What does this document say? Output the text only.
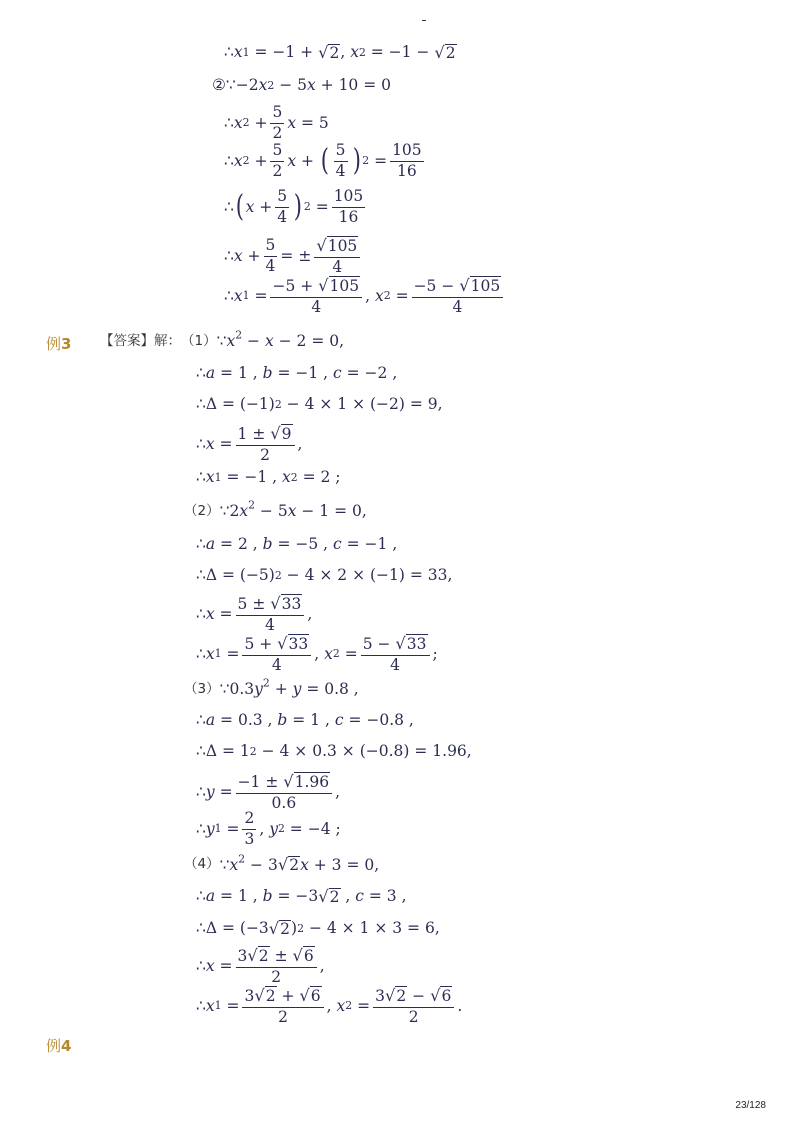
∴ x 1 = −1 + √ 2 , x 2 = −1 − √ 2
② ∵−2 x 2 − 5 x + 10 = 0
∴ x $2 + \frac{5}{2}$ x = 5
∴ x $2 + \frac{5}{2}$ x + ( $\frac{5}{4}$ ) $2 = \frac{105}{16}$
∴ ( $x + \frac{5}{4}$ ) $2 = \frac{105}{16}$
∴ $x + \frac{5}{4}$ = ± $\frac{√ 105}{4}$
∴ x $1 = \frac{-5 + √ 105}{4}$ , x $2 = \frac{-5 - √ 105}{4}$
例3 【答案】解： （1） $\because x^2 - x - 2 = 0$,
∴ a = 1 , b = −1 , c = −2 ,
∴Δ = (−1) 2 − 4 × 1 × (−2) = 9,
∴ $x = \frac{1 \pm √ 9}{2}$ ,
∴ x 1 = −1 , x 2 = 2 ;
（2） $\because 2x^2 - 5x - 1 = 0$,
∴ a = 2 , b = −5 , c = −1 ,
∴Δ = (−5) 2 − 4 × 2 × (−1) = 33,
∴ $x = \frac{5 \pm √ 33}{4}$ ,
∴ x $1 = \frac{5 + √ 33}{4}$ , x $2 = \frac{5 - √ 33}{4}$ ;
（3） $\because 0.3y^2 + y = 0.8$ ,
∴ a = 0.3 , b = 1 , c = −0.8 ,
∴Δ = 1 2 − 4 × 0.3 × (−0.8) = 1.96,
∴ $y = \frac{-1 \pm √ 1.96}{0.6}$ ,
∴ y $1 = \frac{2}{3}$ , y 2 = −4 ;
（4） $\because x^2 - 3$ √ 2 x + 3 = 0,
∴ a = 1 , b = −3 √ 2 , c = 3 ,
∴Δ = (−3 √ 2 ) 2 − 4 × 1 × 3 = 6,
∴ $x = \frac{3 √ 2 \pm √ 6}{2}$ ,
∴ x $1 = \frac{3 √ 2 + √ 6}{2}$ , x $2 = \frac{3 √ 2 - √ 6}{2}$ .
例4
23/128
